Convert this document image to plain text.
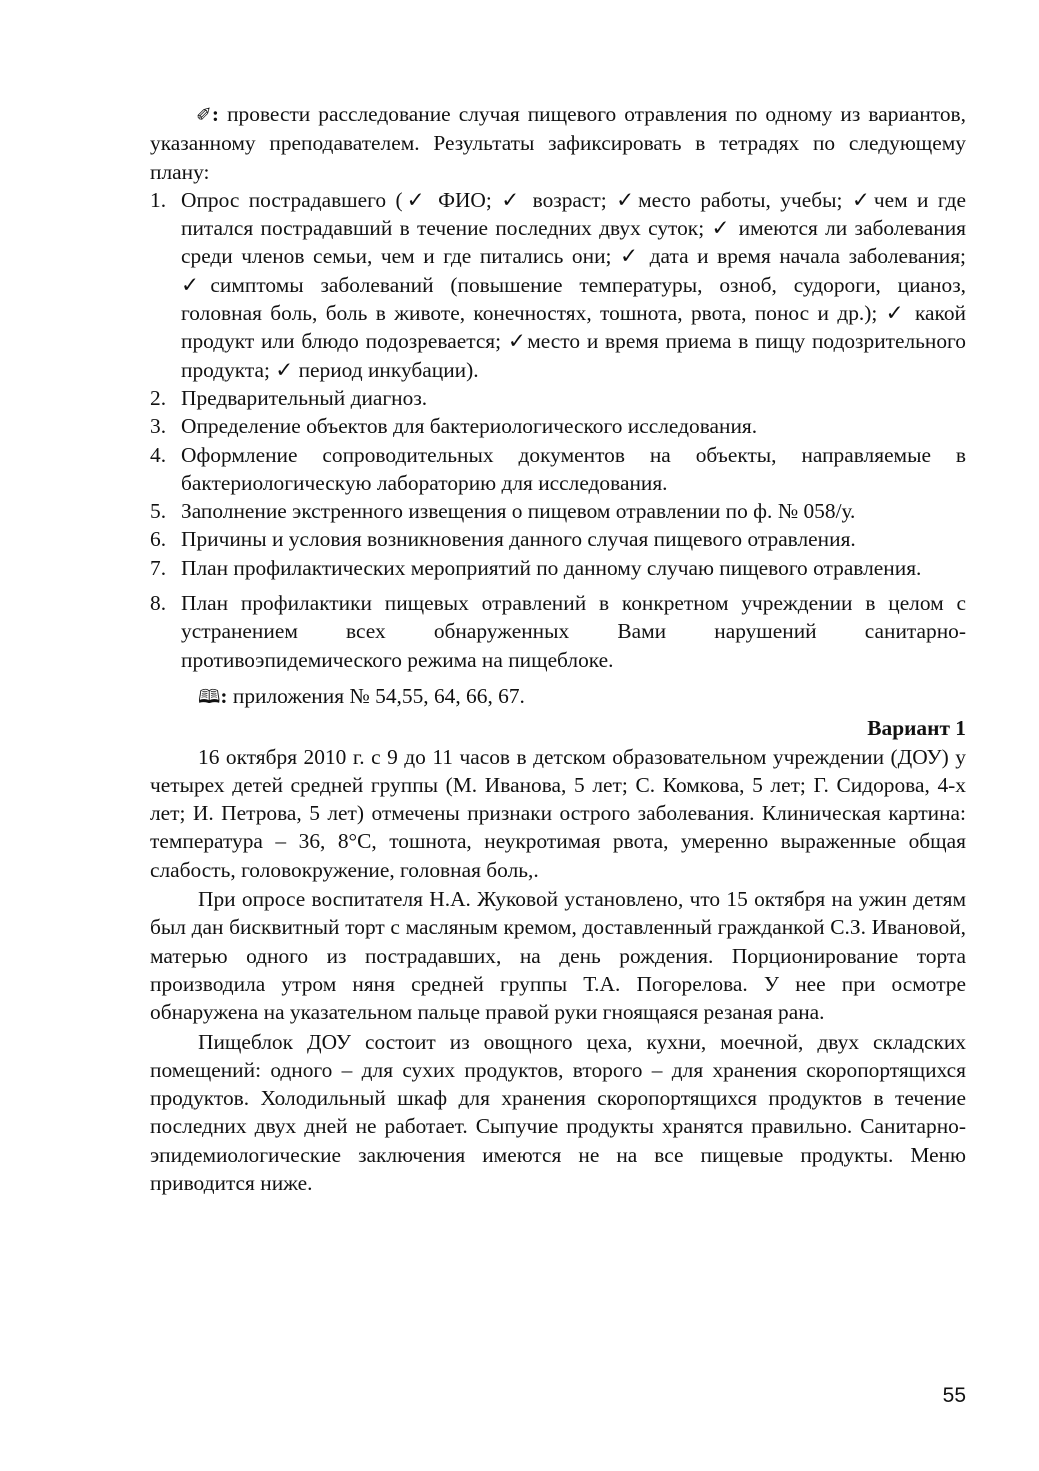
✐: провести расследование случая пищевого отравления по одному из вариантов, указанному преподавателем. Результаты зафиксировать в тетрадях по следующему плану:

1. Опрос пострадавшего (✓ ФИО; ✓ возраст; ✓место работы, учебы; ✓чем и где питался пострадавший в течение последних двух суток; ✓ имеются ли заболевания среди членов семьи, чем и где питались они; ✓ дата и время начала заболевания; ✓симптомы заболеваний (повышение температуры, озноб, судороги, цианоз, головная боль, боль в животе, конечностях, тошнота, рвота, понос и др.); ✓ какой продукт или блюдо подозревается; ✓место и время приема в пищу подозрительного продукта; ✓ период инкубации).
2. Предварительный диагноз.
3. Определение объектов для бактериологического исследования.
4. Оформление сопроводительных документов на объекты, направляемые в бактериологическую лабораторию для исследования.
5. Заполнение экстренного извещения о пищевом отравлении по ф. № 058/у.
6. Причины и условия возникновения данного случая пищевого отравления.
7. План профилактических мероприятий по данному случаю пищевого отравления.
8. План профилактики пищевых отравлений в конкретном учреждении в целом с устранением всех обнаруженных Вами нарушений санитарно-противоэпидемического режима на пищеблоке.

🕮: приложения № 54,55, 64, 66, 67.

Вариант 1

16 октября 2010 г. с 9 до 11 часов в детском образовательном учреждении (ДОУ) у четырех детей средней группы (М. Иванова, 5 лет; С. Комкова, 5 лет; Г. Сидорова, 4-х лет; И. Петрова, 5 лет) отмечены признаки острого заболевания. Клиническая картина: температура – 36, 8°С, тошнота, неукротимая рвота, умеренно выраженные общая слабость, головокружение, головная боль,.

При опросе воспитателя Н.А. Жуковой установлено, что 15 октября на ужин детям был дан бисквитный торт с масляным кремом, доставленный гражданкой С.З. Ивановой, матерью одного из пострадавших, на день рождения. Порционирование торта производила утром няня средней группы Т.А. Погорелова. У нее при осмотре обнаружена на указательном пальце правой руки гноящаяся резаная рана.

Пищеблок ДОУ состоит из овощного цеха, кухни, моечной, двух складских помещений: одного – для сухих продуктов, второго – для хранения скоропортящихся продуктов. Холодильный шкаф для хранения скоропортящихся продуктов в течение последних двух дней не работает. Сыпучие продукты хранятся правильно. Санитарно-эпидемиологические заключения имеются не на все пищевые продукты. Меню приводится ниже.

55
